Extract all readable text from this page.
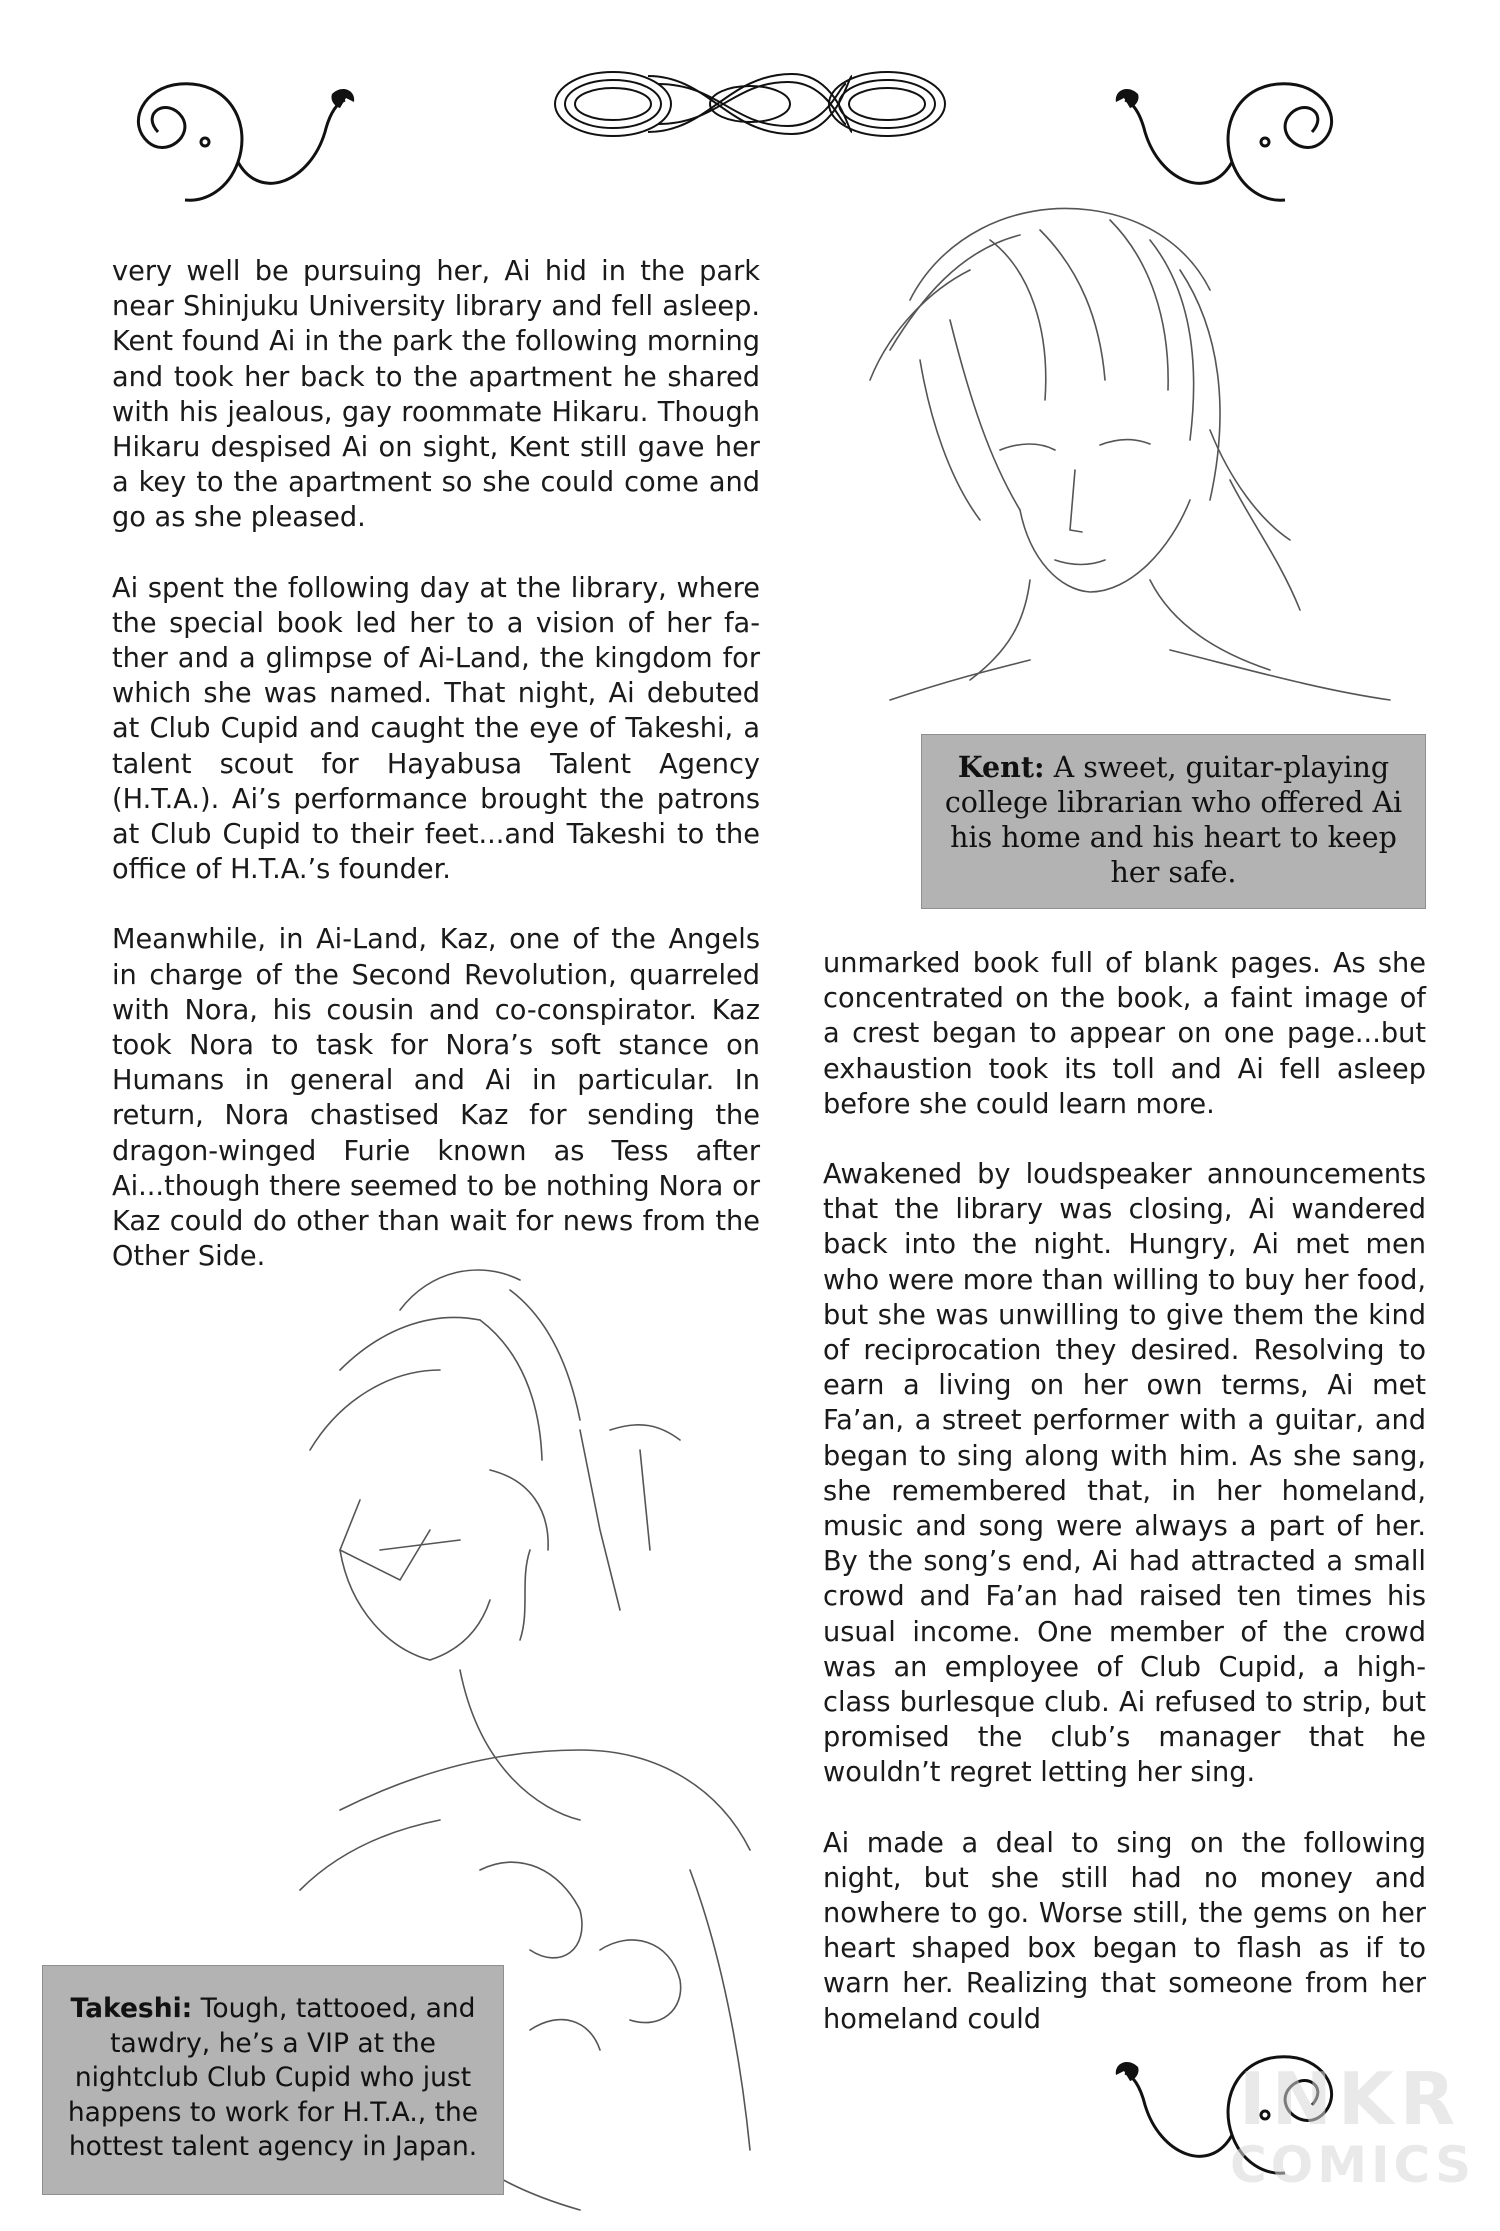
very well be pursuing her, Ai hid in the park near Shinjuku University library and fell asleep. Kent found Ai in the park the following morning and took her back to the apartment he shared with his jealous, gay roommate Hikaru. Though Hikaru despised Ai on sight, Kent still gave her a key to the apartment so she could come and go as she pleased.

Ai spent the following day at the library, where the special book led her to a vision of her father and a glimpse of Ai-Land, the kingdom for which she was named. That night, Ai debuted at Club Cupid and caught the eye of Takeshi, a talent scout for Hayabusa Talent Agency (H.T.A.). Ai’s performance brought the patrons at Club Cupid to their feet...and Takeshi to the office of H.T.A.’s founder.

Meanwhile, in Ai-Land, Kaz, one of the Angels in charge of the Second Revolution, quarreled with Nora, his cousin and co-conspirator. Kaz took Nora to task for Nora’s soft stance on Humans in general and Ai in particular. In return, Nora chastised Kaz for sending the dragon-winged Furie known as Tess after Ai...though there seemed to be nothing Nora or Kaz could do other than wait for news from the Other Side.

unmarked book full of blank pages. As she concentrated on the book, a faint image of a crest began to appear on one page...but exhaustion took its toll and Ai fell asleep before she could learn more.

Awakened by loudspeaker announcements that the library was closing, Ai wandered back into the night. Hungry, Ai met men who were more than willing to buy her food, but she was unwilling to give them the kind of reciprocation they desired. Resolving to earn a living on her own terms, Ai met Fa’an, a street performer with a guitar, and began to sing along with him. As she sang, she remembered that, in her homeland, music and song were always a part of her. By the song’s end, Ai had attracted a small crowd and Fa’an had raised ten times his usual income. One member of the crowd was an employee of Club Cupid, a high-class burlesque club. Ai refused to strip, but promised the club’s manager that he wouldn’t regret letting her sing.

Ai made a deal to sing on the following night, but she still had no money and nowhere to go. Worse still, the gems on her heart shaped box began to flash as if to warn her. Realizing that someone from her homeland could

Kent: A sweet, guitar-playing college librarian who offered Ai his home and his heart to keep her safe.
Takeshi: Tough, tattooed, and tawdry, he’s a VIP at the nightclub Club Cupid who just happens to work for H.T.A., the hottest talent agency in Japan.
INKR
COMICS
